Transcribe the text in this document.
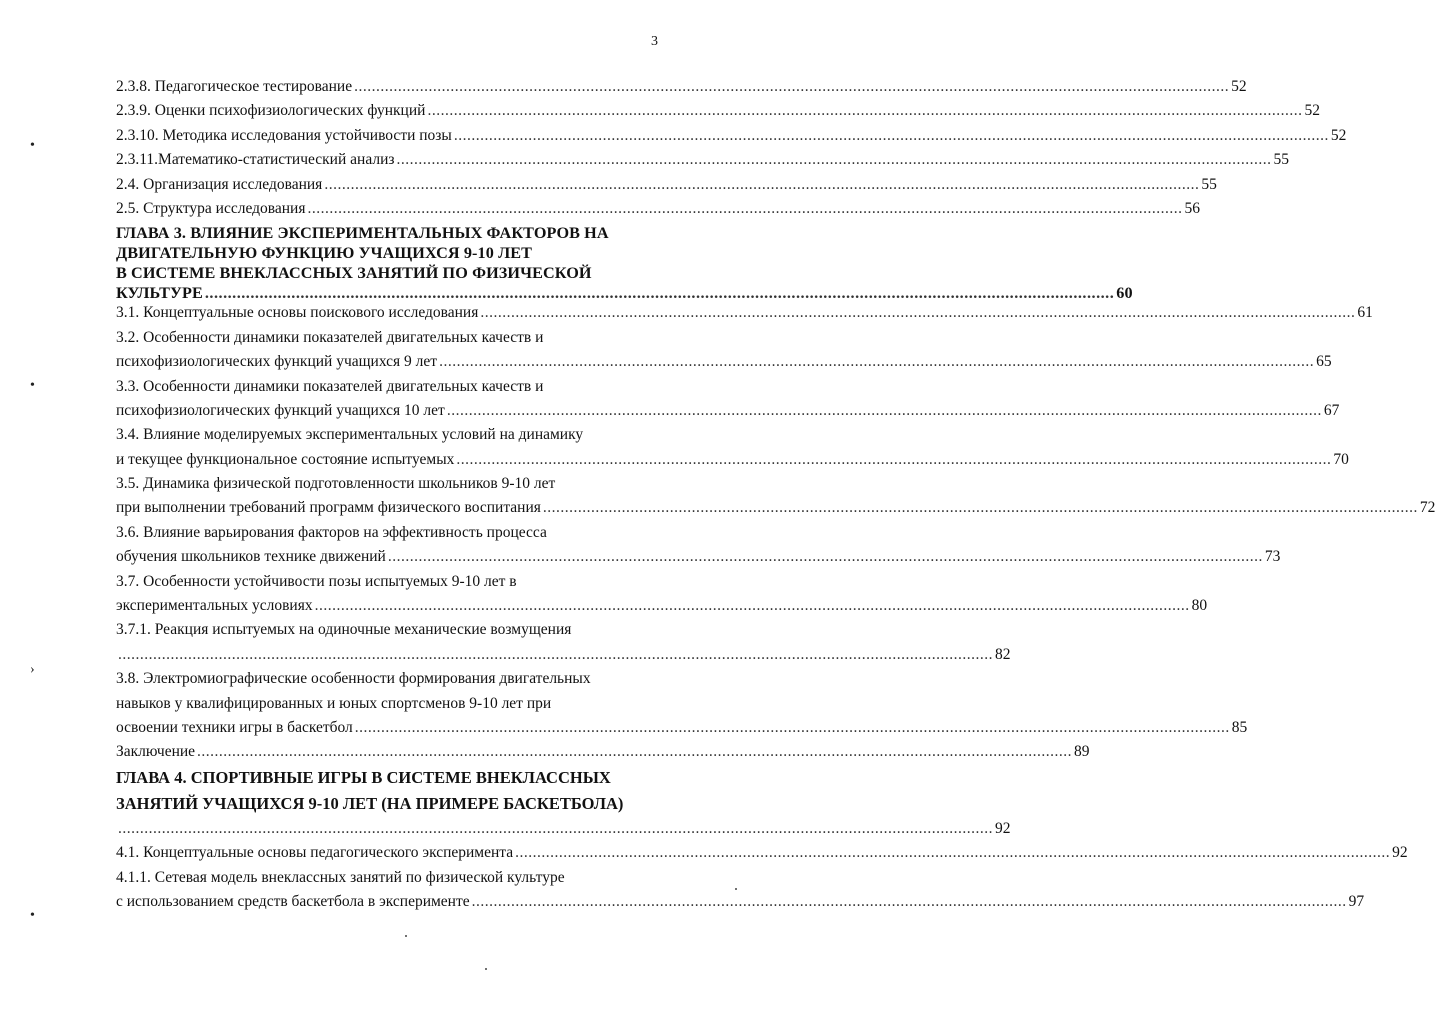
3
2.3.8. Педагогическое тестирование ........................................................................................................................................................................................................ 52
2.3.9. Оценки психофизиологических функций ........................................................................................................................................................................................................ 52
2.3.10. Методика исследования устойчивости позы ........................................................................................................................................................................................................ 52
2.3.11.Математико-статистический анализ ........................................................................................................................................................................................................ 55
2.4. Организация исследования ........................................................................................................................................................................................................ 55
2.5. Структура исследования ........................................................................................................................................................................................................ 56
ГЛАВА 3. ВЛИЯНИЕ ЭКСПЕРИМЕНТАЛЬНЫХ ФАКТОРОВ НА
ДВИГАТЕЛЬНУЮ ФУНКЦИЮ УЧАЩИХСЯ 9-10 ЛЕТ
В СИСТЕМЕ ВНЕКЛАССНЫХ ЗАНЯТИЙ ПО ФИЗИЧЕСКОЙ
КУЛЬТУРЕ ........................................................................................................................................................................................................ 60
3.1. Концептуальные основы поискового исследования ........................................................................................................................................................................................................ 61
3.2. Особенности динамики показателей двигательных качеств и
психофизиологических функций учащихся 9 лет ........................................................................................................................................................................................................ 65
3.3. Особенности динамики показателей двигательных качеств и
психофизиологических функций учащихся 10 лет ........................................................................................................................................................................................................ 67
3.4. Влияние моделируемых экспериментальных условий на динамику
и текущее функциональное состояние испытуемых ........................................................................................................................................................................................................ 70
3.5. Динамика физической подготовленности школьников 9-10 лет
при выполнении требований программ физического воспитания ........................................................................................................................................................................................................ 72
3.6. Влияние варьирования факторов на эффективность процесса
обучения школьников технике движений ........................................................................................................................................................................................................ 73
3.7. Особенности устойчивости позы испытуемых 9-10 лет в
экспериментальных условиях ........................................................................................................................................................................................................ 80
3.7.1. Реакция испытуемых на одиночные механические возмущения
........................................................................................................................................................................................................ 82
3.8. Электромиографические особенности формирования двигательных
навыков у квалифицированных и юных спортсменов 9-10 лет при
освоении техники игры в баскетбол ........................................................................................................................................................................................................ 85
Заключение ........................................................................................................................................................................................................ 89
ГЛАВА 4. СПОРТИВНЫЕ ИГРЫ В СИСТЕМЕ ВНЕКЛАССНЫХ
ЗАНЯТИЙ УЧАЩИХСЯ 9-10 ЛЕТ (НА ПРИМЕРЕ БАСКЕТБОЛА)
........................................................................................................................................................................................................ 92
4.1. Концептуальные основы педагогического эксперимента ........................................................................................................................................................................................................ 92
4.1.1. Сетевая модель внеклассных занятий по физической культуре
с использованием средств баскетбола в эксперименте ........................................................................................................................................................................................................ 97
•
•
›
•
